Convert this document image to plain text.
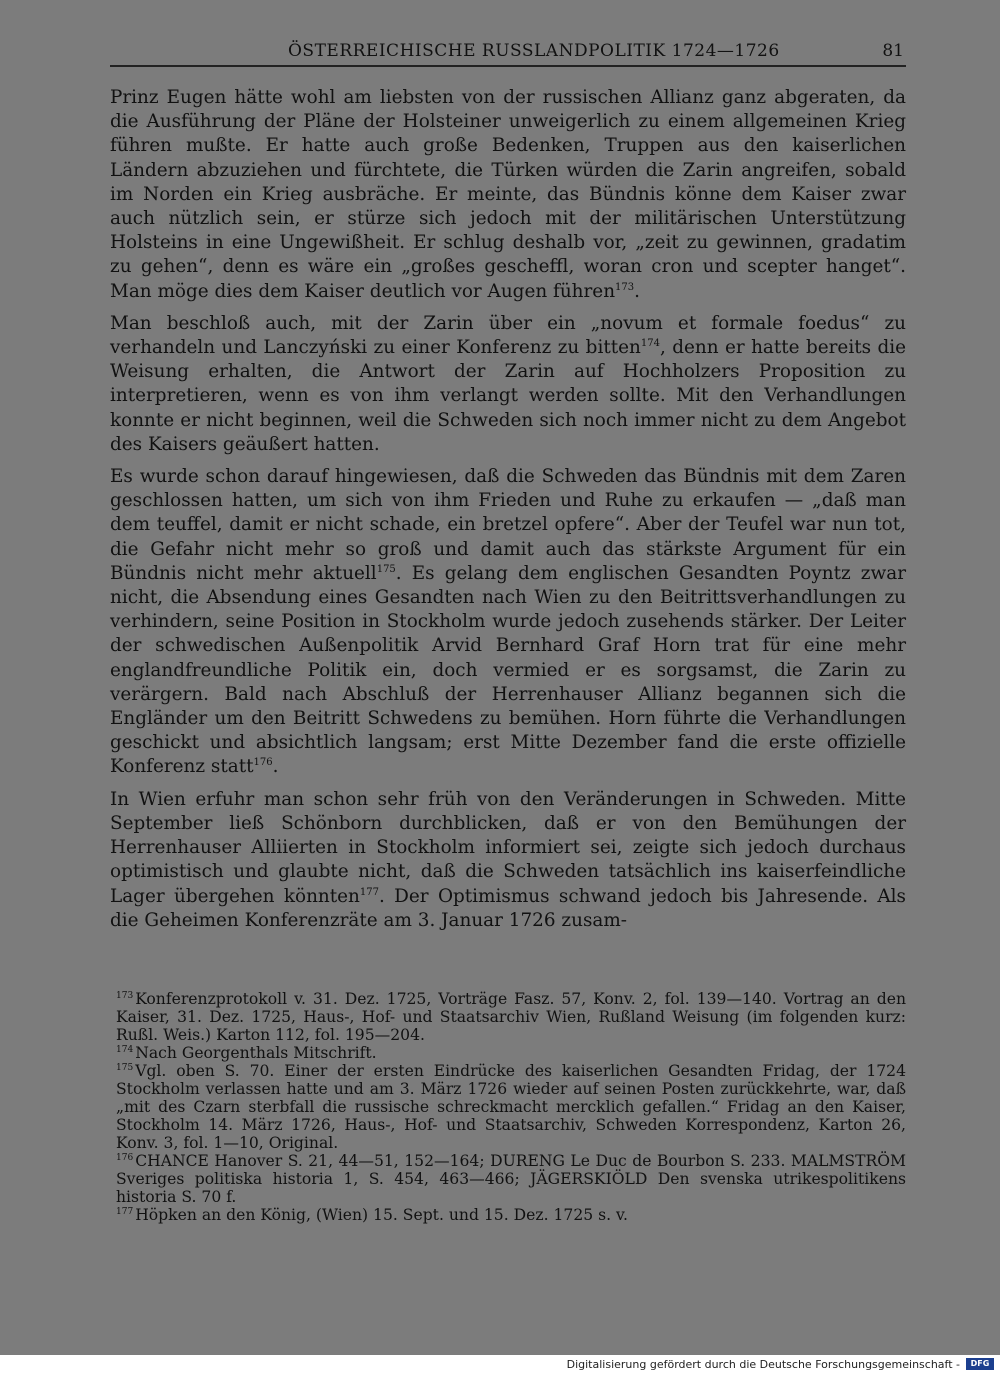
ÖSTERREICHISCHE RUSSLANDPOLITIK 1724—1726	81

Prinz Eugen hätte wohl am liebsten von der russischen Allianz ganz abgeraten, da die Ausführung der Pläne der Holsteiner unweigerlich zu einem allgemeinen Krieg führen mußte. Er hatte auch große Bedenken, Truppen aus den kaiserlichen Ländern abzuziehen und fürchtete, die Türken würden die Zarin angreifen, sobald im Norden ein Krieg ausbräche. Er meinte, das Bündnis könne dem Kaiser zwar auch nützlich sein, er stürze sich jedoch mit der militärischen Unterstützung Holsteins in eine Ungewißheit. Er schlug deshalb vor, „zeit zu gewinnen, gradatim zu gehen“, denn es wäre ein „großes gescheffl, woran cron und scepter hanget“. Man möge dies dem Kaiser deutlich vor Augen führen$^{173}$.

Man beschloß auch, mit der Zarin über ein „novum et formale foedus“ zu verhandeln und Lanczyński zu einer Konferenz zu bitten$^{174}$, denn er hatte bereits die Weisung erhalten, die Antwort der Zarin auf Hochholzers Proposition zu interpretieren, wenn es von ihm verlangt werden sollte. Mit den Verhandlungen konnte er nicht beginnen, weil die Schweden sich noch immer nicht zu dem Angebot des Kaisers geäußert hatten.

Es wurde schon darauf hingewiesen, daß die Schweden das Bündnis mit dem Zaren geschlossen hatten, um sich von ihm Frieden und Ruhe zu erkaufen — „daß man dem teuffel, damit er nicht schade, ein bretzel opfere“. Aber der Teufel war nun tot, die Gefahr nicht mehr so groß und damit auch das stärkste Argument für ein Bündnis nicht mehr aktuell$^{175}$. Es gelang dem englischen Gesandten Poyntz zwar nicht, die Absendung eines Gesandten nach Wien zu den Beitrittsverhandlungen zu verhindern, seine Position in Stockholm wurde jedoch zusehends stärker. Der Leiter der schwedischen Außenpolitik Arvid Bernhard Graf Horn trat für eine mehr englandfreundliche Politik ein, doch vermied er es sorgsamst, die Zarin zu verärgern. Bald nach Abschluß der Herrenhauser Allianz begannen sich die Engländer um den Beitritt Schwedens zu bemühen. Horn führte die Verhandlungen geschickt und absichtlich langsam; erst Mitte Dezember fand die erste offizielle Konferenz statt$^{176}$.

In Wien erfuhr man schon sehr früh von den Veränderungen in Schweden. Mitte September ließ Schönborn durchblicken, daß er von den Bemühungen der Herrenhauser Alliierten in Stockholm informiert sei, zeigte sich jedoch durchaus optimistisch und glaubte nicht, daß die Schweden tatsächlich ins kaiserfeindliche Lager übergehen könnten$^{177}$. Der Optimismus schwand jedoch bis Jahresende. Als die Geheimen Konferenzräte am 3. Januar 1726 zusam-

$^{173}$ Konferenzprotokoll v. 31. Dez. 1725, Vorträge Fasz. 57, Konv. 2, fol. 139—140. Vortrag an den Kaiser, 31. Dez. 1725, Haus-, Hof- und Staatsarchiv Wien, Rußland Weisung (im folgenden kurz: Rußl. Weis.) Karton 112, fol. 195—204.

$^{174}$ Nach Georgenthals Mitschrift.

$^{175}$ Vgl. oben S. 70. Einer der ersten Eindrücke des kaiserlichen Gesandten Fridag, der 1724 Stockholm verlassen hatte und am 3. März 1726 wieder auf seinen Posten zurückkehrte, war, daß „mit des Czarn sterbfall die russische schreckmacht mercklich gefallen.“ Fridag an den Kaiser, Stockholm 14. März 1726, Haus-, Hof- und Staatsarchiv, Schweden Korrespondenz, Karton 26, Konv. 3, fol. 1—10, Original.

$^{176}$ CHANCE Hanover S. 21, 44—51, 152—164; DURENG Le Duc de Bourbon S. 233. MALMSTRÖM Sveriges politiska historia 1, S. 454, 463—466; JÄGERSKIÖLD Den svenska utrikespolitikens historia S. 70 f.

$^{177}$ Höpken an den König, (Wien) 15. Sept. und 15. Dez. 1725 s. v.

Digitalisierung gefördert durch die Deutsche Forschungsgemeinschaft -	DFG
